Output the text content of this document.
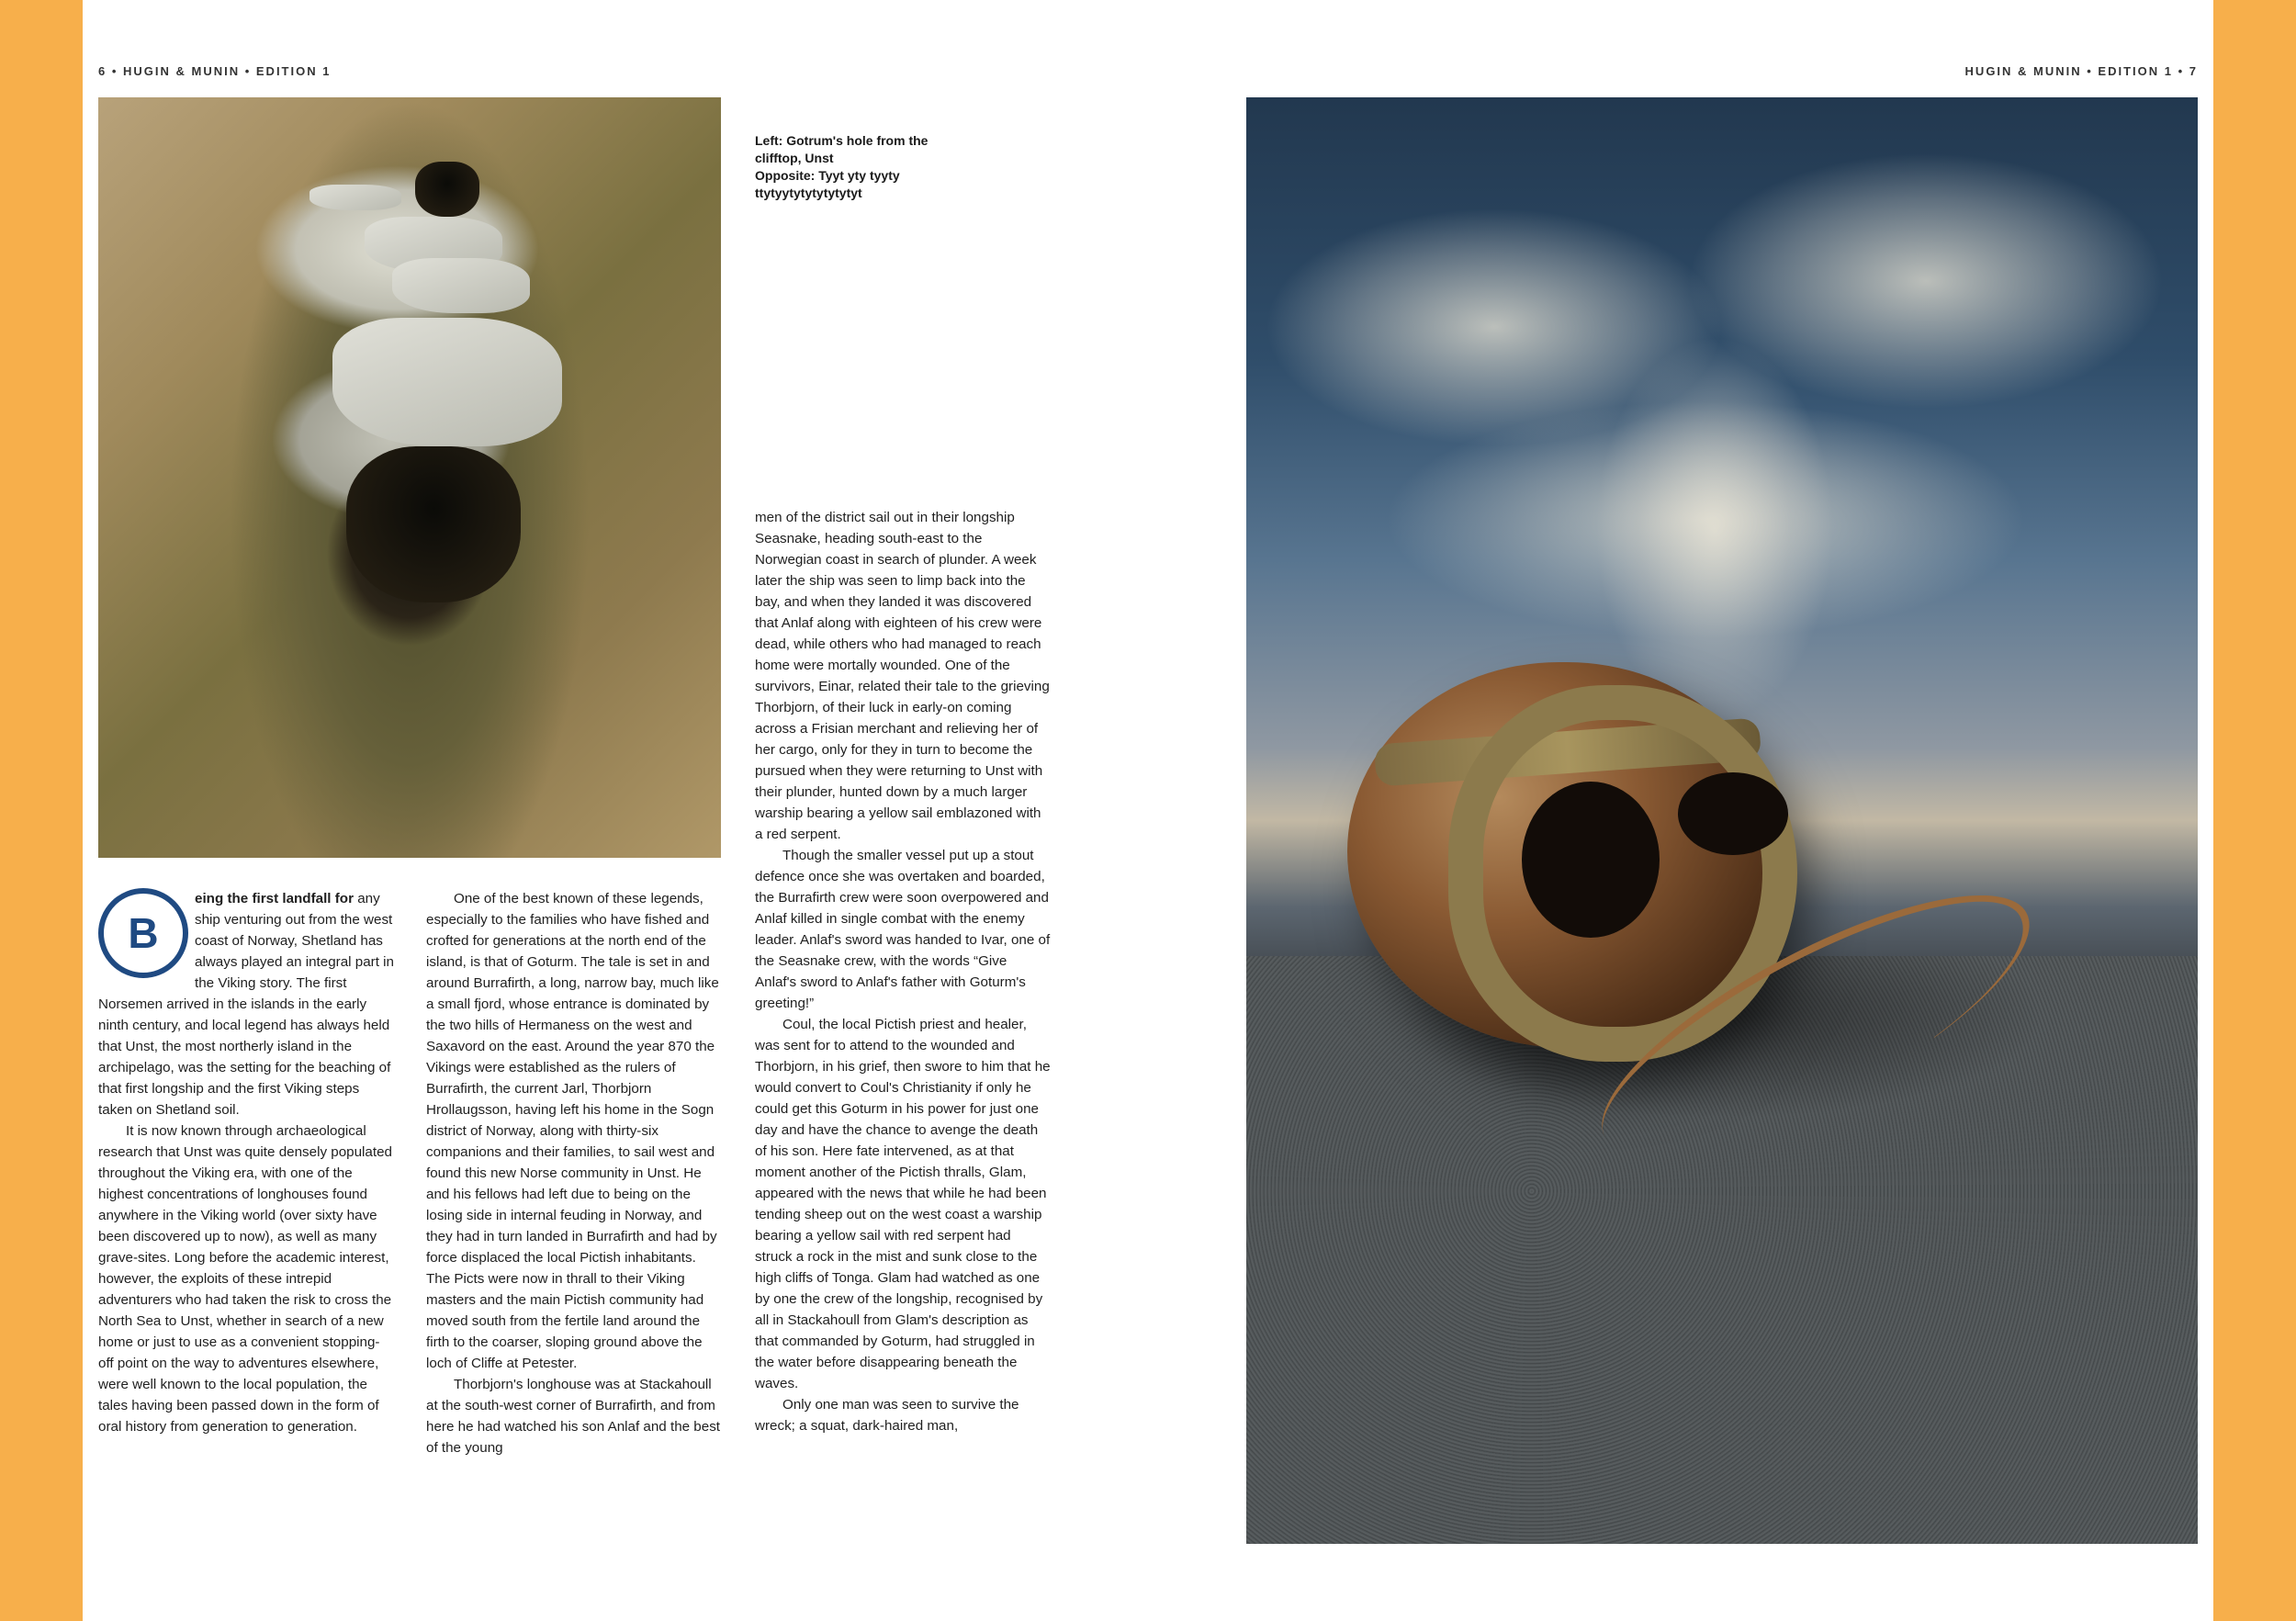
6 • HUGIN & MUNIN • EDITION 1	HUGIN & MUNIN • EDITION 1 • 7
Left: Gotrum's hole from the clifftop, Unst
Opposite: Tyyt yty tyyty ttytyytytytytytytyt
B

eing the first landfall for any ship venturing out from the west coast of Norway, Shetland has always played an integral part in the Viking story. The first Norsemen arrived in the islands in the early ninth century, and local legend has always held that Unst, the most northerly island in the archipelago, was the setting for the beaching of that first longship and the first Viking steps taken on Shetland soil.

It is now known through archaeological research that Unst was quite densely populated throughout the Viking era, with one of the highest concentrations of longhouses found anywhere in the Viking world (over sixty have been discovered up to now), as well as many grave-sites. Long before the academic interest, however, the exploits of these intrepid adventurers who had taken the risk to cross the North Sea to Unst, whether in search of a new home or just to use as a convenient stopping-off point on the way to adventures elsewhere, were well known to the local population, the tales having been passed down in the form of oral history from generation to generation.

One of the best known of these legends, especially to the families who have fished and crofted for generations at the north end of the island, is that of Goturm. The tale is set in and around Burrafirth, a long, narrow bay, much like a small fjord, whose entrance is dominated by the two hills of Hermaness on the west and Saxavord on the east. Around the year 870 the Vikings were established as the rulers of Burrafirth, the current Jarl, Thorbjorn Hrollaugsson, having left his home in the Sogn district of Norway, along with thirty-six companions and their families, to sail west and found this new Norse community in Unst. He and his fellows had left due to being on the losing side in internal feuding in Norway, and they had in turn landed in Burrafirth and had by force displaced the local Pictish inhabitants. The Picts were now in thrall to their Viking masters and the main Pictish community had moved south from the fertile land around the firth to the coarser, sloping ground above the loch of Cliffe at Petester.

Thorbjorn's longhouse was at Stackahoull at the south-west corner of Burrafirth, and from here he had watched his son Anlaf and the best of the young

men of the district sail out in their longship Seasnake, heading south-east to the Norwegian coast in search of plunder. A week later the ship was seen to limp back into the bay, and when they landed it was discovered that Anlaf along with eighteen of his crew were dead, while others who had managed to reach home were mortally wounded. One of the survivors, Einar, related their tale to the grieving Thorbjorn, of their luck in early-on coming across a Frisian merchant and relieving her of her cargo, only for they in turn to become the pursued when they were returning to Unst with their plunder, hunted down by a much larger warship bearing a yellow sail emblazoned with a red serpent.

Though the smaller vessel put up a stout defence once she was overtaken and boarded, the Burrafirth crew were soon overpowered and Anlaf killed in single combat with the enemy leader. Anlaf's sword was handed to Ivar, one of the Seasnake crew, with the words “Give Anlaf's sword to Anlaf's father with Goturm's greeting!”

Coul, the local Pictish priest and healer, was sent for to attend to the wounded and Thorbjorn, in his grief, then swore to him that he would convert to Coul's Christianity if only he could get this Goturm in his power for just one day and have the chance to avenge the death of his son. Here fate intervened, as at that moment another of the Pictish thralls, Glam, appeared with the news that while he had been tending sheep out on the west coast a warship bearing a yellow sail with red serpent had struck a rock in the mist and sunk close to the high cliffs of Tonga. Glam had watched as one by one the crew of the longship, recognised by all in Stackahoull from Glam's description as that commanded by Goturm, had struggled in the water before disappearing beneath the waves.

Only one man was seen to survive the wreck; a squat, dark-haired man,
